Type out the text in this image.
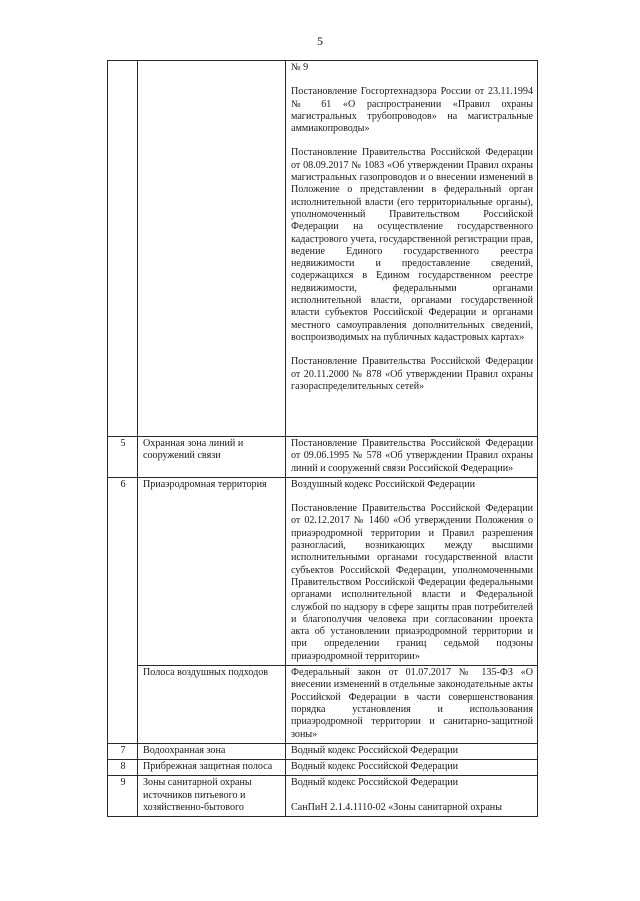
5

		№ 9

Постановление Госгортехнадзора России от 23.11.1994 № 61 «О распространении «Правил охраны магистральных трубопроводов» на магистральные аммиакопроводы»

Постановление Правительства Российской Федерации от 08.09.2017 № 1083 «Об утверждении Правил охраны магистральных газопроводов и о внесении изменений в Положение о представлении в федеральный орган исполнительной власти (его территориальные органы), уполномоченный Правительством Российской Федерации на осуществление государственного кадастрового учета, государственной регистрации прав, ведение Единого государственного реестра недвижимости и предоставление сведений, содержащихся в Едином государственном реестре недвижимости, федеральными органами исполнительной власти, органами государственной власти субъектов Российской Федерации и органами местного самоуправления дополнительных сведений, воспроизводимых на публичных кадастровых картах»

Постановление Правительства Российской Федерации от 20.11.2000 № 878 «Об утверждении Правил охраны газораспределительных сетей»

5	Охранная зона линий и сооружений связи	Постановление Правительства Российской Федерации от 09.06.1995 № 578 «Об утверждении Правил охраны линий и сооружений связи Российской Федерации»

6	Приаэродромная территория	Воздушный кодекс Российской Федерации

Постановление Правительства Российской Федерации от 02.12.2017 № 1460 «Об утверждении Положения о приаэродромной территории и Правил разрешения разногласий, возникающих между высшими исполнительными органами государственной власти субъектов Российской Федерации, уполномоченными Правительством Российской Федерации федеральными органами исполнительной власти и Федеральной службой по надзору в сфере защиты прав потребителей и благополучия человека при согласовании проекта акта об установлении приаэродромной территории и при определении границ седьмой подзоны приаэродромной территории»

	Полоса воздушных подходов	Федеральный закон от 01.07.2017 № 135-ФЗ «О внесении изменений в отдельные законодательные акты Российской Федерации в части совершенствования порядка установления и использования приаэродромной территории и санитарно-защитной зоны»

7	Водоохранная зона	Водный кодекс Российской Федерации

8	Прибрежная защитная полоса	Водный кодекс Российской Федерации

9	Зоны санитарной охраны источников питьевого и хозяйственно-бытового	Водный кодекс Российской Федерации

СанПиН 2.1.4.1110-02 «Зоны санитарной охраны
